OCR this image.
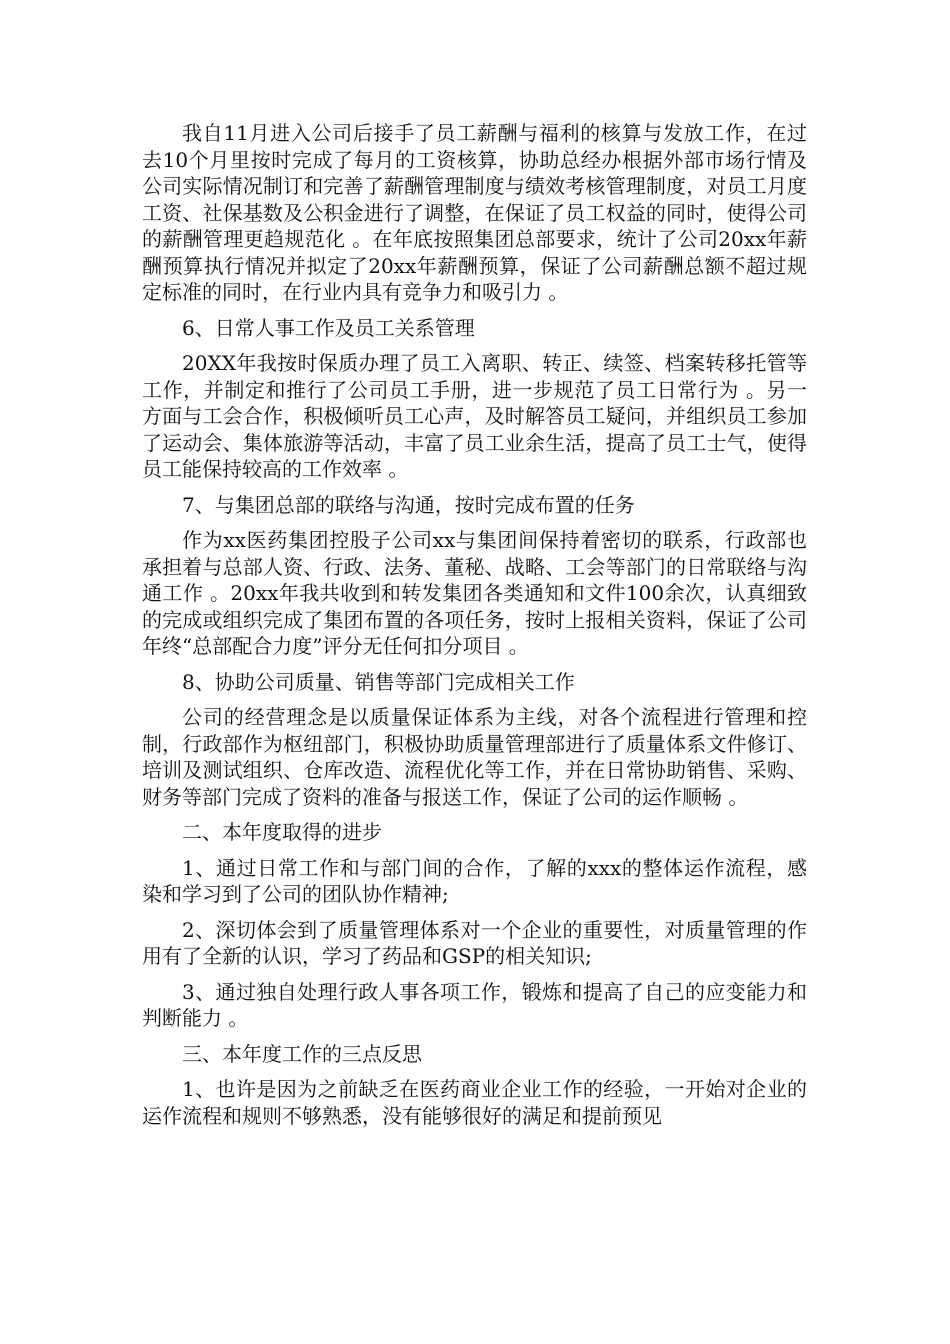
我自11月进入公司后接手了员工薪酬与福利的核算与发放工作，在过去10个月里按时完成了每月的工资核算，协助总经办根据外部市场行情及公司实际情况制订和完善了薪酬管理制度与绩效考核管理制度，对员工月度工资、社保基数及公积金进行了调整，在保证了员工权益的同时，使得公司的薪酬管理更趋规范化 。在年底按照集团总部要求，统计了公司20xx年薪酬预算执行情况并拟定了20xx年薪酬预算，保证了公司薪酬总额不超过规定标准的同时，在行业内具有竞争力和吸引力 。

6、日常人事工作及员工关系管理

20XX年我按时保质办理了员工入离职、转正、续签、档案转移托管等工作，并制定和推行了公司员工手册，进一步规范了员工日常行为 。另一方面与工会合作，积极倾听员工心声，及时解答员工疑问，并组织员工参加了运动会、集体旅游等活动，丰富了员工业余生活，提高了员工士气，使得员工能保持较高的工作效率 。

7、与集团总部的联络与沟通，按时完成布置的任务

作为xx医药集团控股子公司xx与集团间保持着密切的联系，行政部也承担着与总部人资、行政、法务、董秘、战略、工会等部门的日常联络与沟通工作 。20xx年我共收到和转发集团各类通知和文件100余次，认真细致的完成或组织完成了集团布置的各项任务，按时上报相关资料，保证了公司年终“总部配合力度”评分无任何扣分项目 。

8、协助公司质量、销售等部门完成相关工作

公司的经营理念是以质量保证体系为主线，对各个流程进行管理和控制，行政部作为枢纽部门，积极协助质量管理部进行了质量体系文件修订、培训及测试组织、仓库改造、流程优化等工作，并在日常协助销售、采购、财务等部门完成了资料的准备与报送工作，保证了公司的运作顺畅 。

二、本年度取得的进步

1、通过日常工作和与部门间的合作，了解的xxx的整体运作流程，感染和学习到了公司的团队协作精神;

2、深切体会到了质量管理体系对一个企业的重要性，对质量管理的作用有了全新的认识，学习了药品和GSP的相关知识;

3、通过独自处理行政人事各项工作，锻炼和提高了自己的应变能力和判断能力 。

三、本年度工作的三点反思

1、也许是因为之前缺乏在医药商业企业工作的经验，一开始对企业的运作流程和规则不够熟悉，没有能够很好的满足和提前预见
